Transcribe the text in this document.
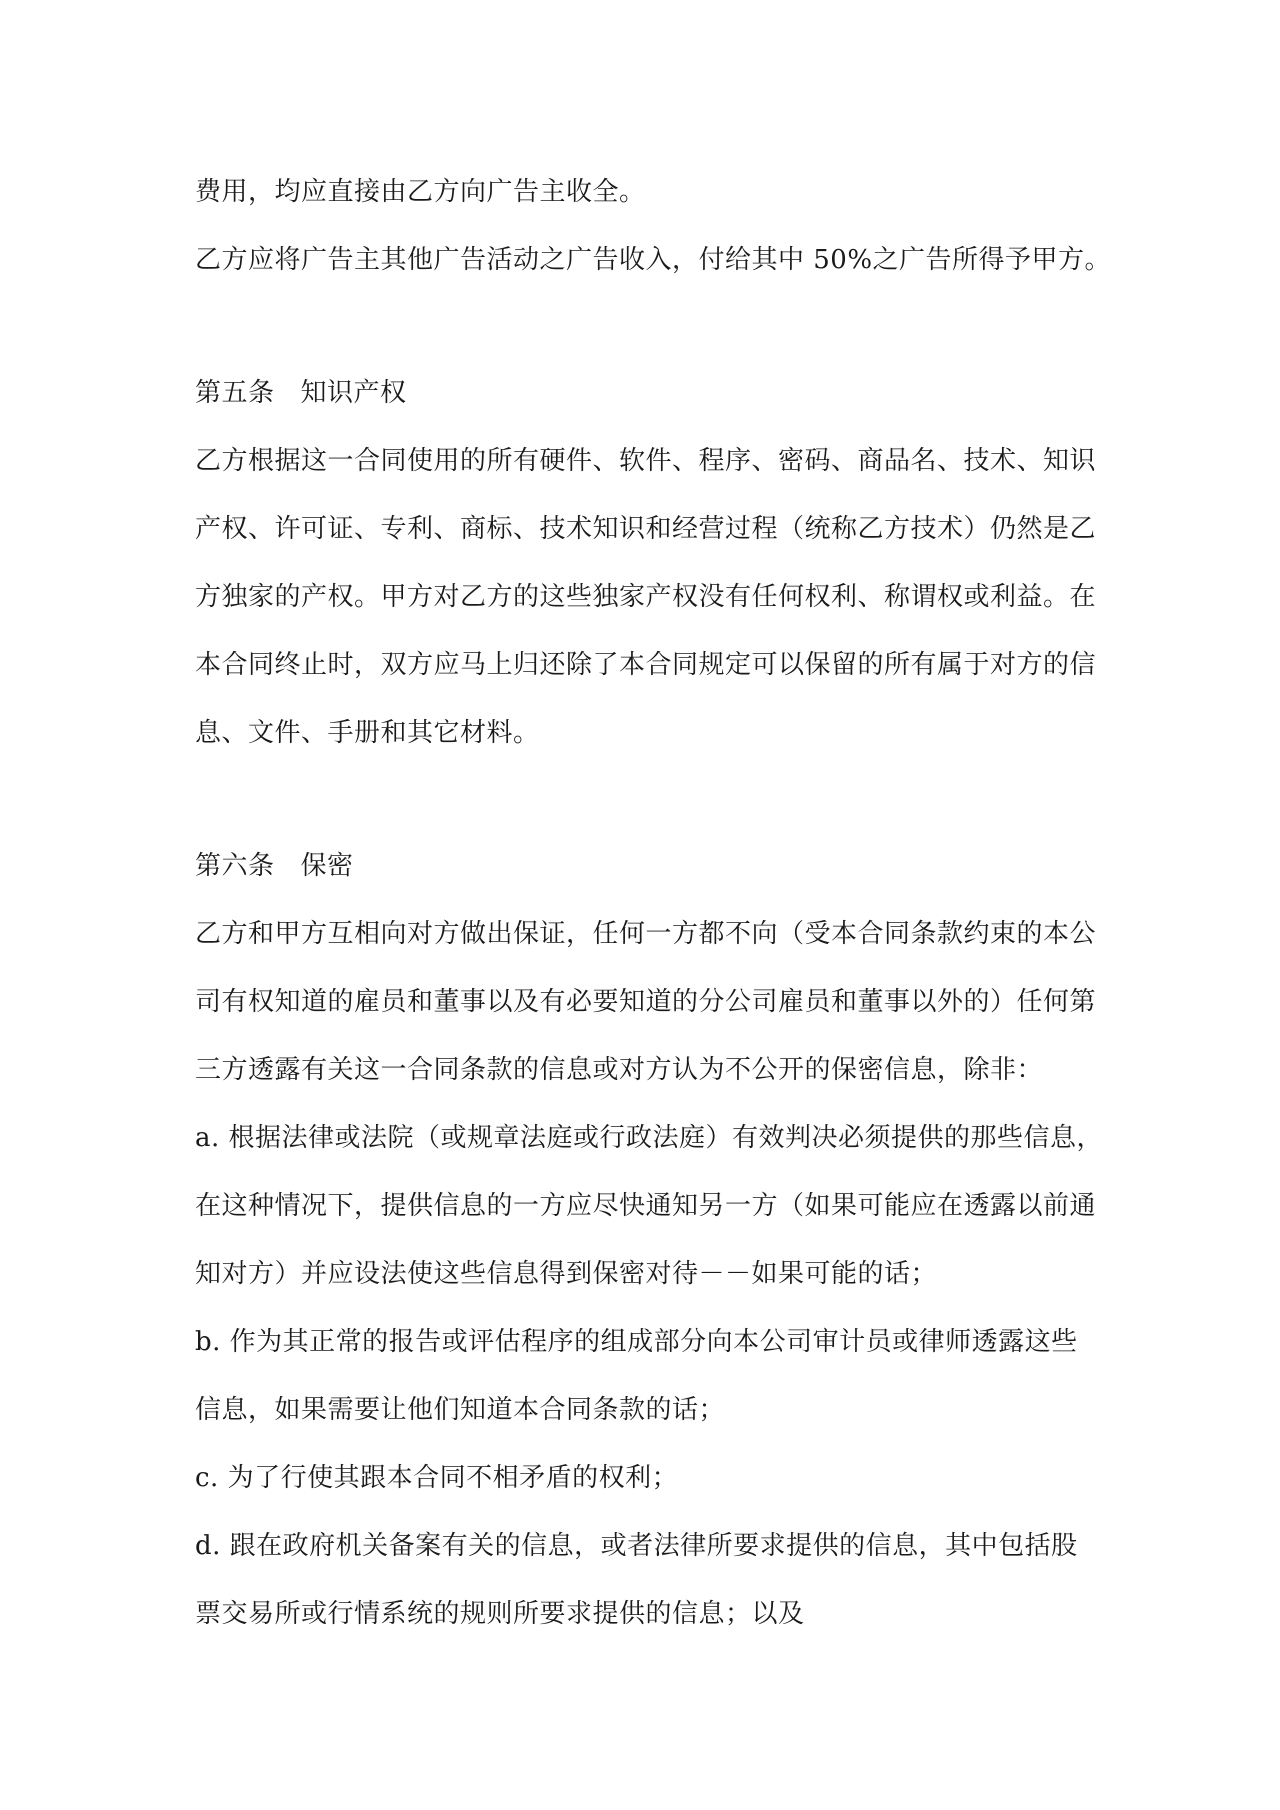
费用，均应直接由乙方向广告主收全。
乙方应将广告主其他广告活动之广告收入，付给其中 50%之广告所得予甲方。
第五条 知识产权
乙方根据这一合同使用的所有硬件、软件、程序、密码、商品名、技术、知识
产权、许可证、专利、商标、技术知识和经营过程（统称乙方技术）仍然是乙
方独家的产权。甲方对乙方的这些独家产权没有任何权利、称谓权或利益。在
本合同终止时，双方应马上归还除了本合同规定可以保留的所有属于对方的信
息、文件、手册和其它材料。
第六条 保密
乙方和甲方互相向对方做出保证，任何一方都不向（受本合同条款约束的本公
司有权知道的雇员和董事以及有必要知道的分公司雇员和董事以外的）任何第
三方透露有关这一合同条款的信息或对方认为不公开的保密信息，除非：
a. 根据法律或法院（或规章法庭或行政法庭）有效判决必须提供的那些信息，
在这种情况下，提供信息的一方应尽快通知另一方（如果可能应在透露以前通
知对方）并应设法使这些信息得到保密对待－－如果可能的话；
b. 作为其正常的报告或评估程序的组成部分向本公司审计员或律师透露这些
信息，如果需要让他们知道本合同条款的话；
c. 为了行使其跟本合同不相矛盾的权利；
d. 跟在政府机关备案有关的信息，或者法律所要求提供的信息，其中包括股
票交易所或行情系统的规则所要求提供的信息；以及
